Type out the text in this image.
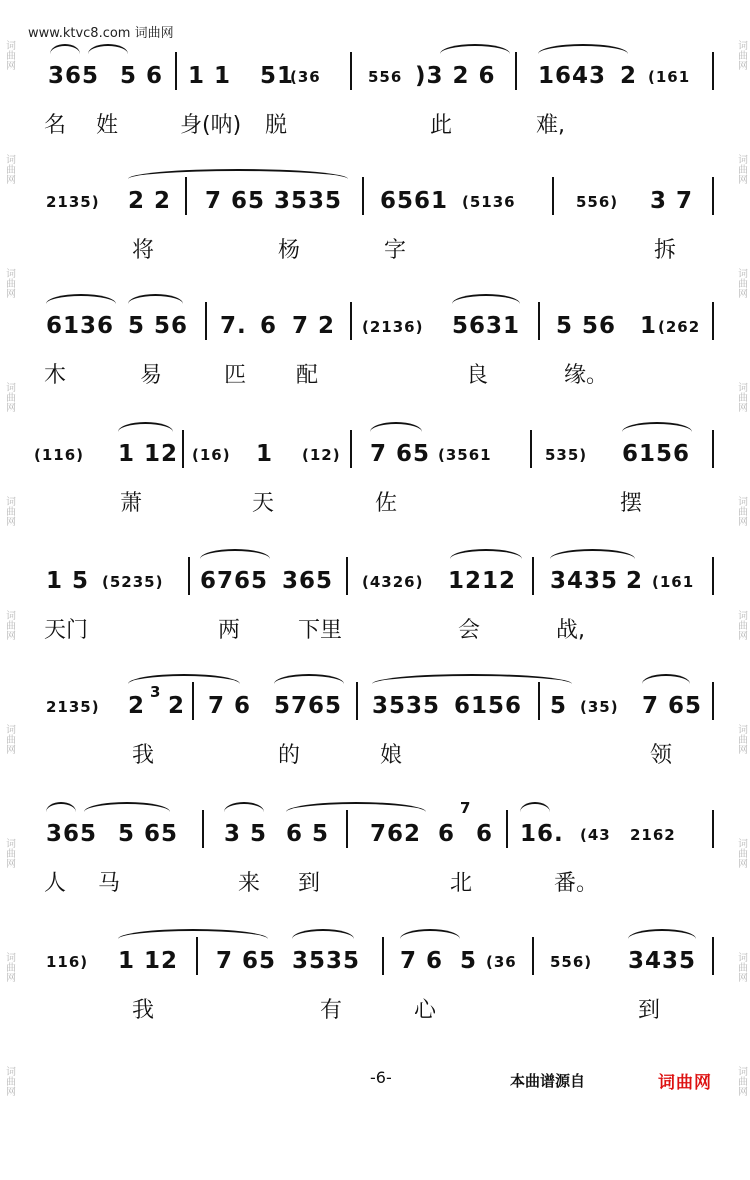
www.ktvc8.com 词曲网
词曲网
词曲网
词曲网
词曲网
词曲网
词曲网
词曲网
词曲网
词曲网
词曲网
词曲网
词曲网
词曲网
词曲网
词曲网
词曲网
词曲网
词曲网
词曲网
词曲网
365 5 6 1 1 51
(36	556 )3 2 6 1643 2 (161
名 姓	身(呐) 脱	此	难,
2135) 2 2 7 65 3535 6561 (5136	556) 3 7
将	杨	字	拆
6136 5 56 7. 6 7 2 (2136) 5631 5 56 1 (262
木	易	匹 配	良	缘。
(116) 1 12 (16) 1 (12) 7 65 (3561	535) 6156
萧	天	佐	摆
1 5 (5235) 6765 365 (4326) 1212 3435 2 (161
天门	两	下里	会	战,
2135) 2
3
2 7 6 5765 3535 6156 5 (35) 7 65
我	的	娘	领
365 5 65 3 5 6 5 762 6
7
6 16. (43 2162
人 马	来 到	北	番。
116) 1 12 7 65 3535 7 6 5 (36 556) 3435
我	有	心	到
-6-	本曲谱源自	词曲网
